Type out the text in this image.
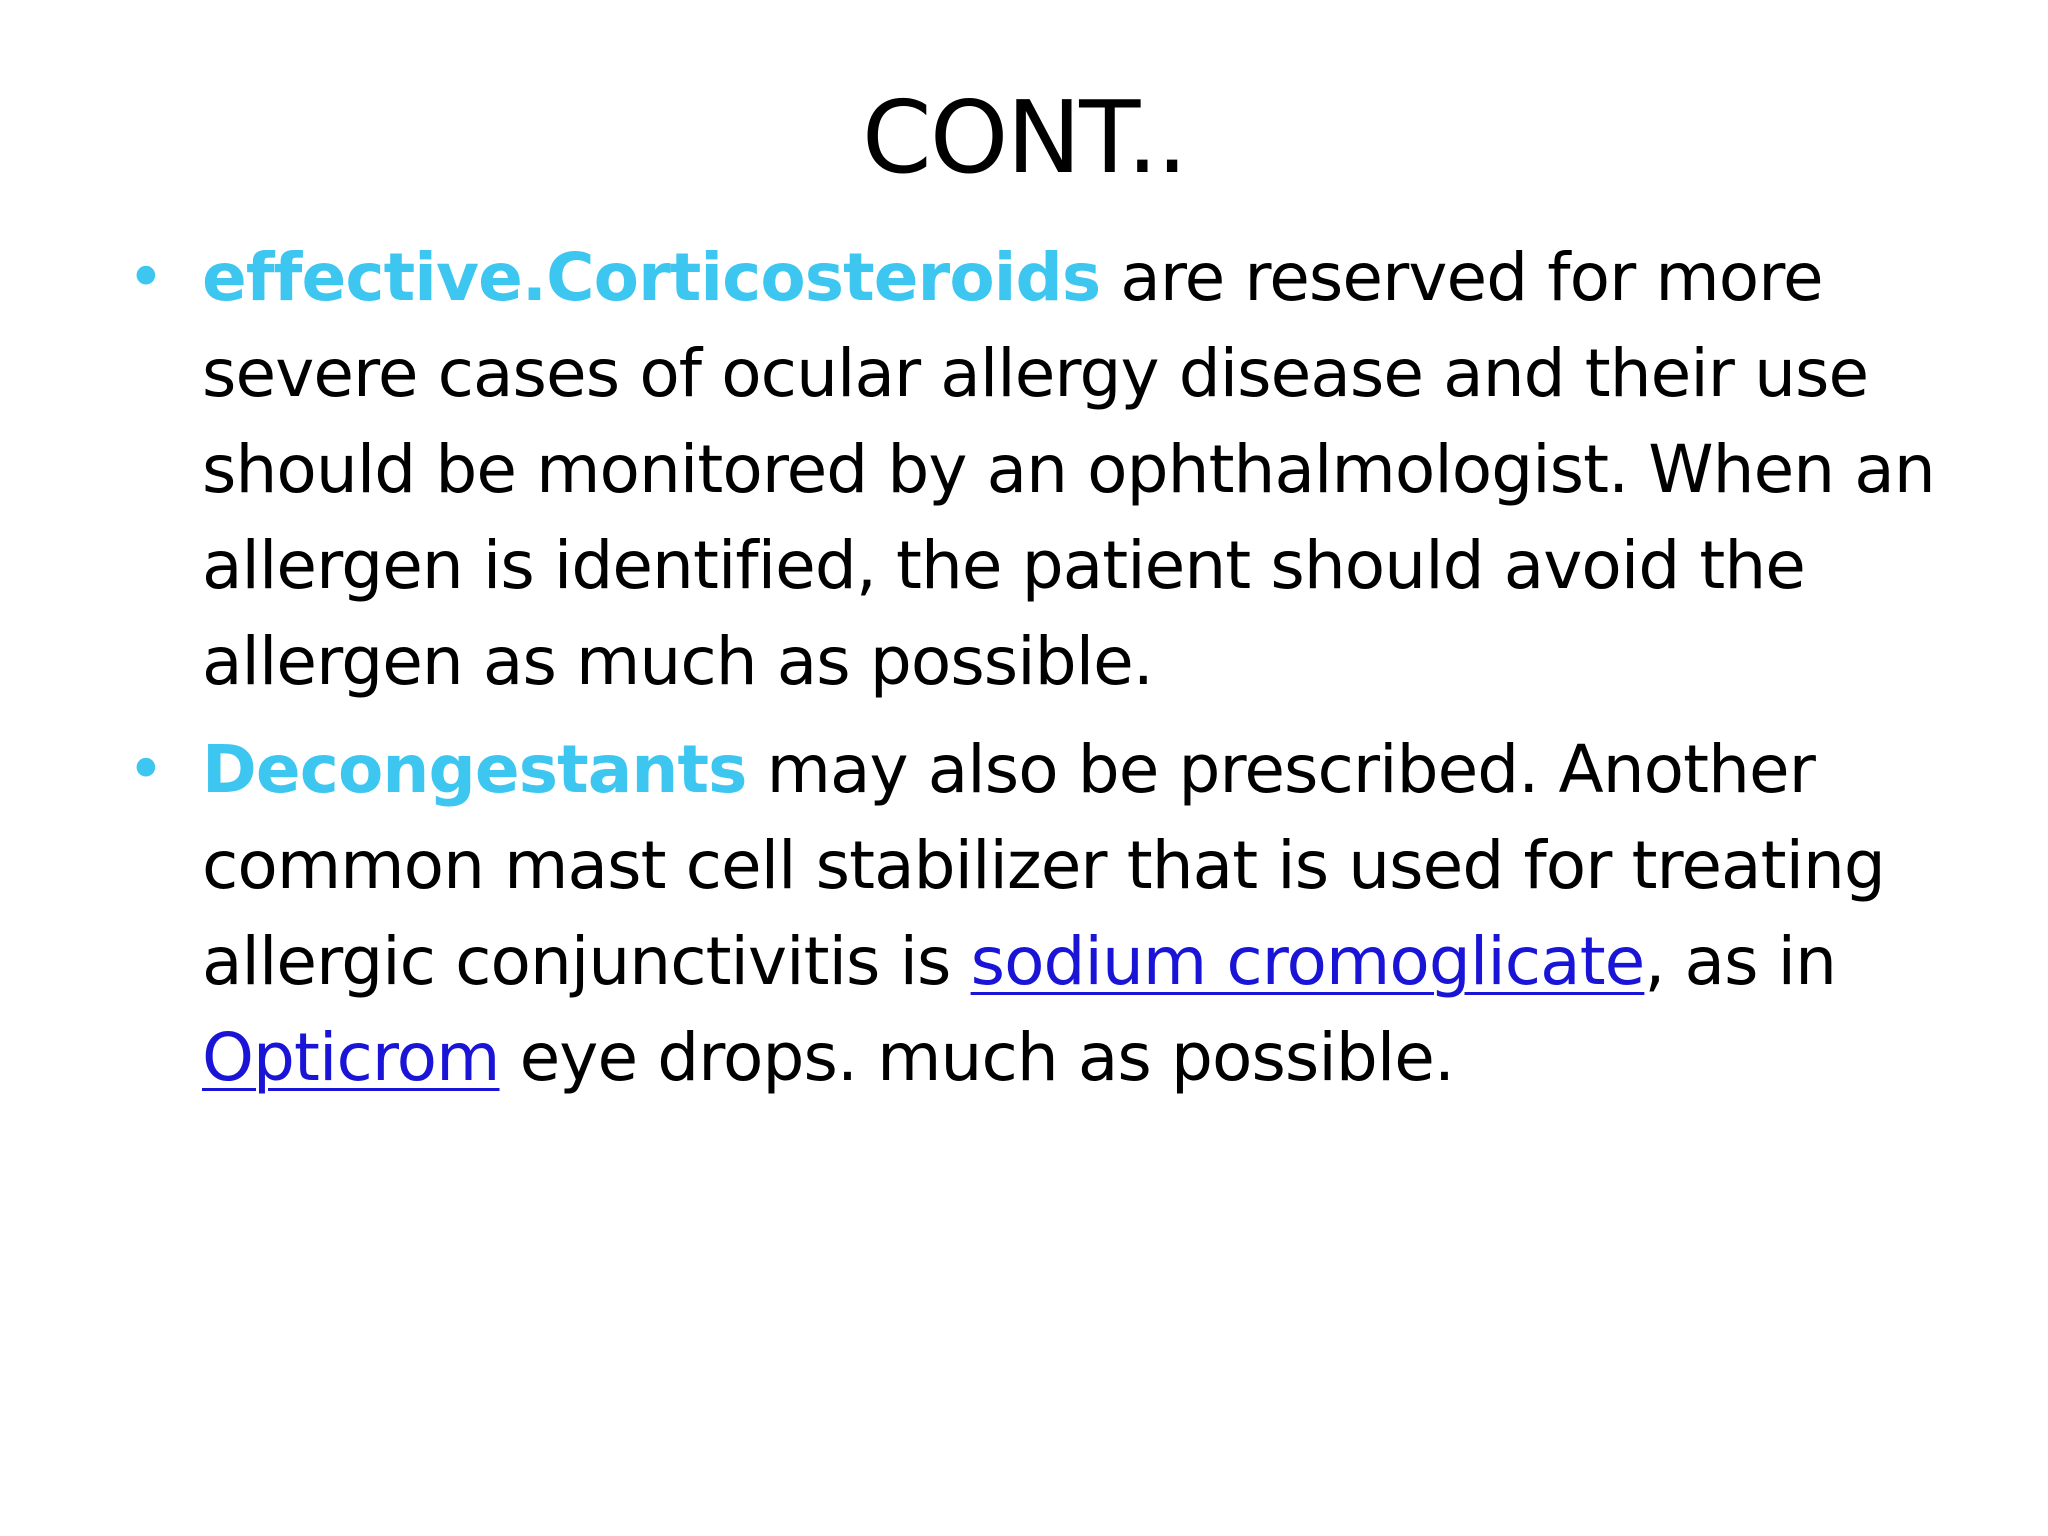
CONT..
• effective.Corticosteroids are reserved for more severe cases of ocular allergy disease and their use should be monitored by an ophthalmologist. When an allergen is identified, the patient should avoid the allergen as much as possible.
• Decongestants may also be prescribed. Another common mast cell stabilizer that is used for treating allergic conjunctivitis is sodium cromoglicate, as in Opticrom eye drops. much as possible.
